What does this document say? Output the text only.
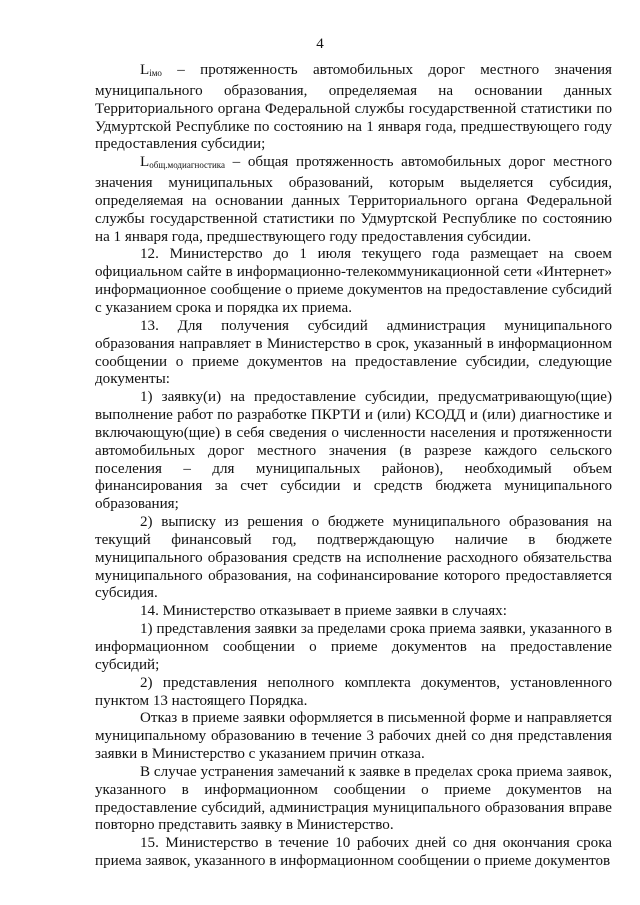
4

$L_{iмо}$ – протяженность автомобильных дорог местного значения муниципального образования, определяемая на основании данных Территориального органа Федеральной службы государственной статистики по Удмуртской Республике по состоянию на 1 января года, предшествующего году предоставления субсидии;

$L_{общ.модиагностика}$ – общая протяженность автомобильных дорог местного значения муниципальных образований, которым выделяется субсидия, определяемая на основании данных Территориального органа Федеральной службы государственной статистики по Удмуртской Республике по состоянию на 1 января года, предшествующего году предоставления субсидии.

12. Министерство до 1 июля текущего года размещает на своем официальном сайте в информационно-телекоммуникационной сети «Интернет» информационное сообщение о приеме документов на предоставление субсидий с указанием срока и порядка их приема.

13. Для получения субсидий администрация муниципального образования направляет в Министерство в срок, указанный в информационном сообщении о приеме документов на предоставление субсидии, следующие документы:

1) заявку(и) на предоставление субсидии, предусматривающую(щие) выполнение работ по разработке ПКРТИ и (или) КСОДД и (или) диагностике и включающую(щие) в себя сведения о численности населения и протяженности автомобильных дорог местного значения (в разрезе каждого сельского поселения – для муниципальных районов), необходимый объем финансирования за счет субсидии и средств бюджета муниципального образования;

2) выписку из решения о бюджете муниципального образования на текущий финансовый год, подтверждающую наличие в бюджете муниципального образования средств на исполнение расходного обязательства муниципального образования, на софинансирование которого предоставляется субсидия.

14. Министерство отказывает в приеме заявки в случаях:

1) представления заявки за пределами срока приема заявки, указанного в информационном сообщении о приеме документов на предоставление субсидий;

2) представления неполного комплекта документов, установленного пунктом 13 настоящего Порядка.

Отказ в приеме заявки оформляется в письменной форме и направляется муниципальному образованию в течение 3 рабочих дней со дня представления заявки в Министерство с указанием причин отказа.

В случае устранения замечаний к заявке в пределах срока приема заявок, указанного в информационном сообщении о приеме документов на предоставление субсидий, администрация муниципального образования вправе повторно представить заявку в Министерство.

15. Министерство в течение 10 рабочих дней со дня окончания срока приема заявок, указанного в информационном сообщении о приеме документов
